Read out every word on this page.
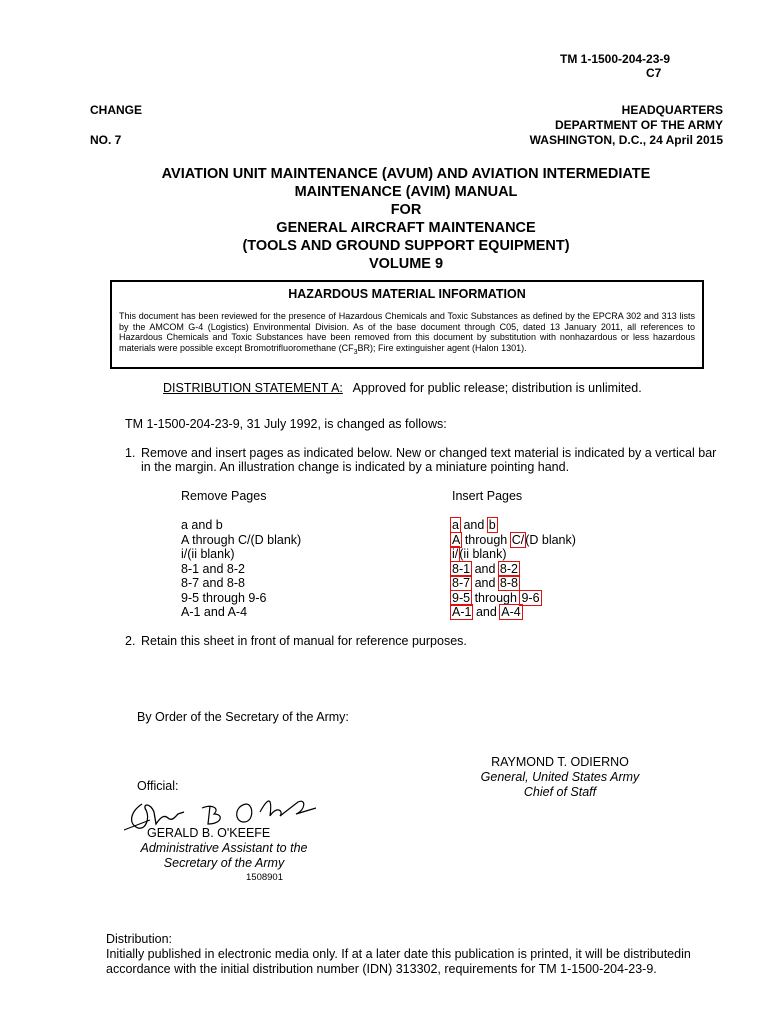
TM 1-1500-204-23-9
C7
CHANGE
NO. 7
HEADQUARTERS
DEPARTMENT OF THE ARMY
WASHINGTON, D.C., 24 April 2015
AVIATION UNIT MAINTENANCE (AVUM) AND AVIATION INTERMEDIATE
MAINTENANCE (AVIM) MANUAL
FOR
GENERAL AIRCRAFT MAINTENANCE
(TOOLS AND GROUND SUPPORT EQUIPMENT)
VOLUME 9
HAZARDOUS MATERIAL INFORMATION
This document has been reviewed for the presence of Hazardous Chemicals and Toxic Substances as defined by the EPCRA 302 and 313 lists by the AMCOM G-4 (Logistics) Environmental Division. As of the base document through C05, dated 13 January 2011, all references to Hazardous Chemicals and Toxic Substances have been removed from this document by substitution with nonhazardous or less hazardous materials were possible except Bromotrifluoromethane $(CF_3BR)$; Fire extinguisher agent (Halon 1301).
DISTRIBUTION STATEMENT A: Approved for public release; distribution is unlimited.
TM 1-1500-204-23-9, 31 July 1992, is changed as follows:
1. Remove and insert pages as indicated below. New or changed text material is indicated by a vertical bar
in the margin. An illustration change is indicated by a miniature pointing hand.
Remove Pages	Insert Pages
a and b
A through C/(D blank)
i/(ii blank)
8-1 and 8-2
8-7 and 8-8
9-5 through 9-6
A-1 and A-4
a and b
A through C/(D blank)
i/(ii blank)
8-1 and 8-2
8-7 and 8-8
9-5 through 9-6
A-1 and A-4
2. Retain this sheet in front of manual for reference purposes.
By Order of the Secretary of the Army:
RAYMOND T. ODIERNO
General, United States Army
Chief of Staff
Official:
GERALD B. O'KEEFE
Administrative Assistant to the
Secretary of the Army
1508901
Distribution:
Initially published in electronic media only. If at a later date this publication is printed, it will be distributedin
accordance with the initial distribution number (IDN) 313302, requirements for TM 1-1500-204-23-9.
